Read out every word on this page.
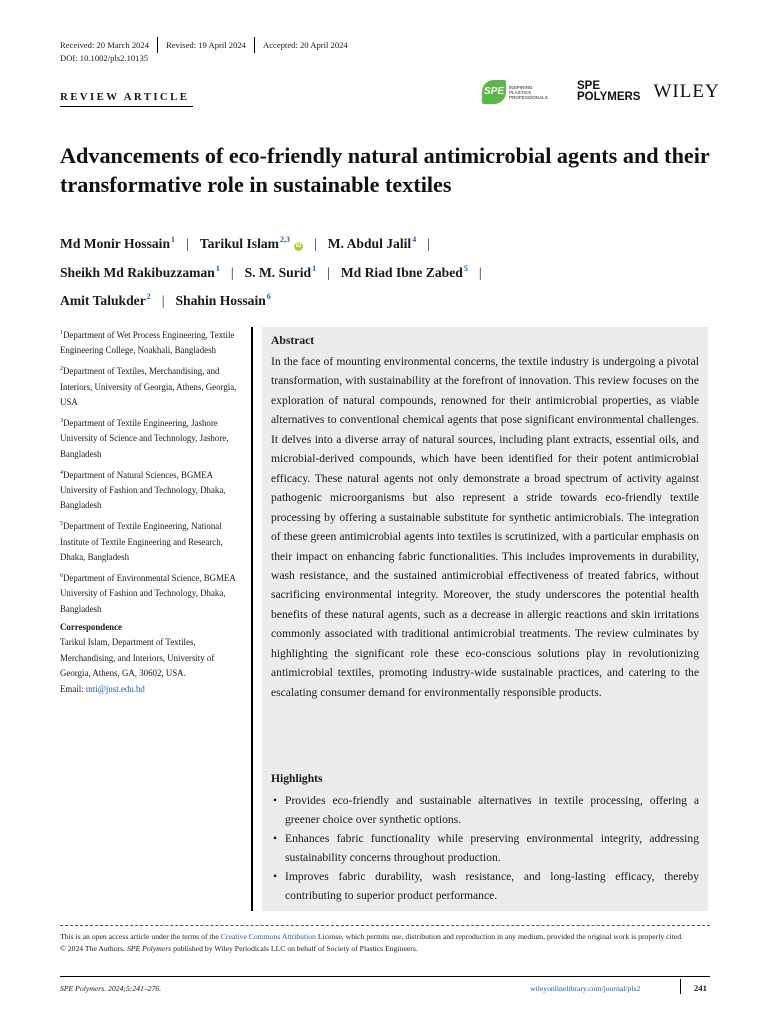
Received: 20 March 2024 Revised: 19 April 2024 Accepted: 20 April 2024
DOI: 10.1002/pls2.10135
REVIEW ARTICLE	SPE INSPIRING
PLASTICS
PROFESSIONALS
SPE
POLYMERS WILEY
Advancements of eco-friendly natural antimicrobial agents and their transformative role in sustainable textiles
Md Monir Hossain$^1$ | Tarikul Islam$^{2,3}$iD | M. Abdul Jalil$^4$ |
Sheikh Md Rakibuzzaman$^1$ | S. M. Surid$^1$ | Md Riad Ibne Zabed$^5$ |
Amit Talukder$^2$ | Shahin Hossain$^6$

$^1$Department of Wet Process Engineering, Textile Engineering College, Noakhali, Bangladesh

$^2$Department of Textiles, Merchandising, and Interiors, University of Georgia, Athens, Georgia, USA

$^3$Department of Textile Engineering, Jashore University of Science and Technology, Jashore, Bangladesh

$^4$Department of Natural Sciences, BGMEA University of Fashion and Technology, Dhaka, Bangladesh

$^5$Department of Textile Engineering, National Institute of Textile Engineering and Research, Dhaka, Bangladesh

$^6$Department of Environmental Science, BGMEA University of Fashion and Technology, Dhaka, Bangladesh

Correspondence
Tarikul Islam, Department of Textiles, Merchandising, and Interiors, University of Georgia, Athens, GA, 30602, USA.
Email: mti@just.edu.bd
Abstract
In the face of mounting environmental concerns, the textile industry is undergoing a pivotal transformation, with sustainability at the forefront of innovation. This review focuses on the exploration of natural compounds, renowned for their antimicrobial properties, as viable alternatives to conventional chemical agents that pose significant environmental challenges. It delves into a diverse array of natural sources, including plant extracts, essential oils, and microbial-derived compounds, which have been identified for their potent antimicrobial efficacy. These natural agents not only demonstrate a broad spectrum of activity against pathogenic microorganisms but also represent a stride towards eco-friendly textile processing by offering a sustainable substitute for synthetic antimicrobials. The integration of these green antimicrobial agents into textiles is scrutinized, with a particular emphasis on their impact on enhancing fabric functionalities. This includes improvements in durability, wash resistance, and the sustained antimicrobial effectiveness of treated fabrics, without sacrificing environmental integrity. Moreover, the study underscores the potential health benefits of these natural agents, such as a decrease in allergic reactions and skin irritations commonly associated with traditional antimicrobial treatments. The review culminates by highlighting the significant role these eco-conscious solutions play in revolutionizing antimicrobial textiles, promoting industry-wide sustainable practices, and catering to the escalating consumer demand for environmentally responsible products.
Highlights
• Provides eco-friendly and sustainable alternatives in textile processing, offering a greener choice over synthetic options.
• Enhances fabric functionality while preserving environmental integrity, addressing sustainability concerns throughout production.
• Improves fabric durability, wash resistance, and long-lasting efficacy, thereby contributing to superior product performance.
This is an open access article under the terms of the Creative Commons Attribution License, which permits use, distribution and reproduction in any medium, provided the original work is properly cited.
© 2024 The Authors. SPE Polymers published by Wiley Periodicals LLC on behalf of Society of Plastics Engineers.
SPE Polymers. 2024;5:241–276.	wileyonlinelibrary.com/journal/pls2	241
